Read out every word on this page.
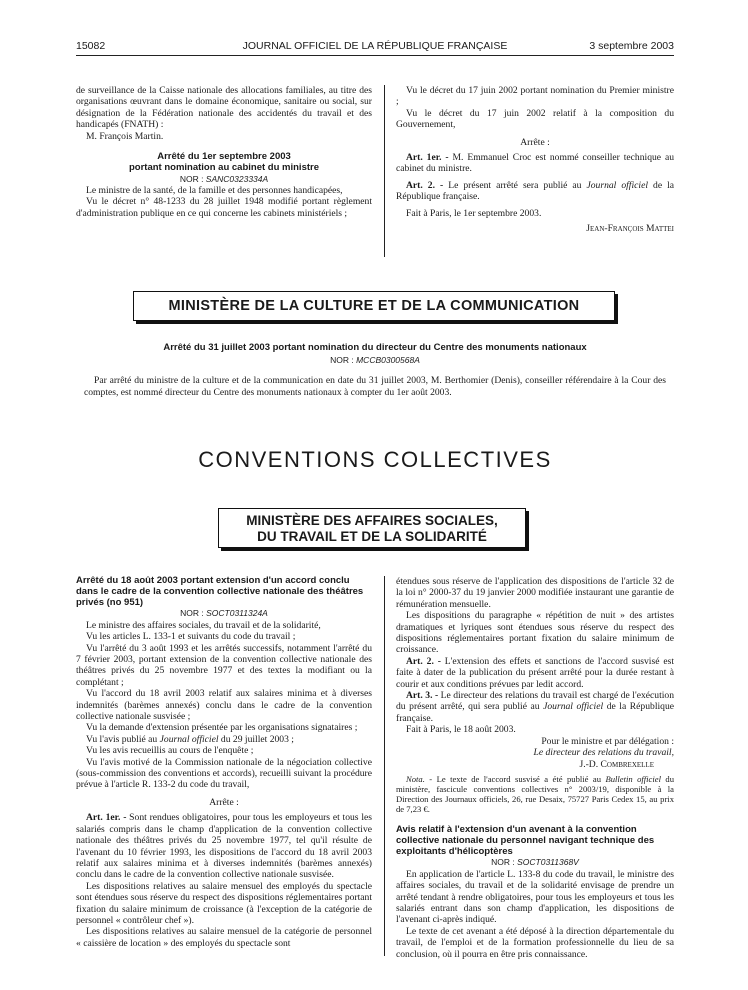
15082	JOURNAL OFFICIEL DE LA RÉPUBLIQUE FRANÇAISE	3 septembre 2003

de surveillance de la Caisse nationale des allocations familiales, au titre des organisations œuvrant dans le domaine économique, sanitaire ou social, sur désignation de la Fédération nationale des accidentés du travail et des handicapés (FNATH) :

M. François Martin.

Arrêté du 1er septembre 2003

portant nomination au cabinet du ministre

NOR : SANC0323334A

Le ministre de la santé, de la famille et des personnes handicapées,

Vu le décret n° 48-1233 du 28 juillet 1948 modifié portant règlement d'administration publique en ce qui concerne les cabinets ministériels ;

Vu le décret du 17 juin 2002 portant nomination du Premier ministre ;

Vu le décret du 17 juin 2002 relatif à la composition du Gouvernement,

Arrête :

Art. 1er. - M. Emmanuel Croc est nommé conseiller technique au cabinet du ministre.

Art. 2. - Le présent arrêté sera publié au Journal officiel de la République française.

Fait à Paris, le 1er septembre 2003.

Jean-François Mattei

MINISTÈRE DE LA CULTURE ET DE LA COMMUNICATION

Arrêté du 31 juillet 2003 portant nomination du directeur du Centre des monuments nationaux

NOR : MCCB0300568A

Par arrêté du ministre de la culture et de la communication en date du 31 juillet 2003, M. Berthomier (Denis), conseiller référendaire à la Cour des comptes, est nommé directeur du Centre des monuments nationaux à compter du 1er août 2003.

CONVENTIONS COLLECTIVES
MINISTÈRE DES AFFAIRES SOCIALES,
DU TRAVAIL ET DE LA SOLIDARITÉ

Arrêté du 18 août 2003 portant extension d'un accord conclu dans le cadre de la convention collective nationale des théâtres privés (no 951)

NOR : SOCT0311324A

Le ministre des affaires sociales, du travail et de la solidarité,

Vu les articles L. 133-1 et suivants du code du travail ;

Vu l'arrêté du 3 août 1993 et les arrêtés successifs, notamment l'arrêté du 7 février 2003, portant extension de la convention collective nationale des théâtres privés du 25 novembre 1977 et des textes la modifiant ou la complétant ;

Vu l'accord du 18 avril 2003 relatif aux salaires minima et à diverses indemnités (barèmes annexés) conclu dans le cadre de la convention collective nationale susvisée ;

Vu la demande d'extension présentée par les organisations signataires ;

Vu l'avis publié au Journal officiel du 29 juillet 2003 ;

Vu les avis recueillis au cours de l'enquête ;

Vu l'avis motivé de la Commission nationale de la négociation collective (sous-commission des conventions et accords), recueilli suivant la procédure prévue à l'article R. 133-2 du code du travail,

Arrête :

Art. 1er. - Sont rendues obligatoires, pour tous les employeurs et tous les salariés compris dans le champ d'application de la convention collective nationale des théâtres privés du 25 novembre 1977, tel qu'il résulte de l'avenant du 10 février 1993, les dispositions de l'accord du 18 avril 2003 relatif aux salaires minima et à diverses indemnités (barèmes annexés) conclu dans le cadre de la convention collective nationale susvisée.

Les dispositions relatives au salaire mensuel des employés du spectacle sont étendues sous réserve du respect des dispositions réglementaires portant fixation du salaire minimum de croissance (à l'exception de la catégorie de personnel « contrôleur chef »).

Les dispositions relatives au salaire mensuel de la catégorie de personnel « caissière de location » des employés du spectacle sont

étendues sous réserve de l'application des dispositions de l'article 32 de la loi n° 2000-37 du 19 janvier 2000 modifiée instaurant une garantie de rémunération mensuelle.

Les dispositions du paragraphe « répétition de nuit » des artistes dramatiques et lyriques sont étendues sous réserve du respect des dispositions réglementaires portant fixation du salaire minimum de croissance.

Art. 2. - L'extension des effets et sanctions de l'accord susvisé est faite à dater de la publication du présent arrêté pour la durée restant à courir et aux conditions prévues par ledit accord.

Art. 3. - Le directeur des relations du travail est chargé de l'exécution du présent arrêté, qui sera publié au Journal officiel de la République française.

Fait à Paris, le 18 août 2003.

Pour le ministre et par délégation :

Le directeur des relations du travail,

J.-D. Combrexelle

Nota. - Le texte de l'accord susvisé a été publié au Bulletin officiel du ministère, fascicule conventions collectives n° 2003/19, disponible à la Direction des Journaux officiels, 26, rue Desaix, 75727 Paris Cedex 15, au prix de 7,23 €.

Avis relatif à l'extension d'un avenant à la convention collective nationale du personnel navigant technique des exploitants d'hélicoptères

NOR : SOCT0311368V

En application de l'article L. 133-8 du code du travail, le ministre des affaires sociales, du travail et de la solidarité envisage de prendre un arrêté tendant à rendre obligatoires, pour tous les employeurs et tous les salariés entrant dans son champ d'application, les dispositions de l'avenant ci-après indiqué.

Le texte de cet avenant a été déposé à la direction départementale du travail, de l'emploi et de la formation professionnelle du lieu de sa conclusion, où il pourra en être pris connaissance.
